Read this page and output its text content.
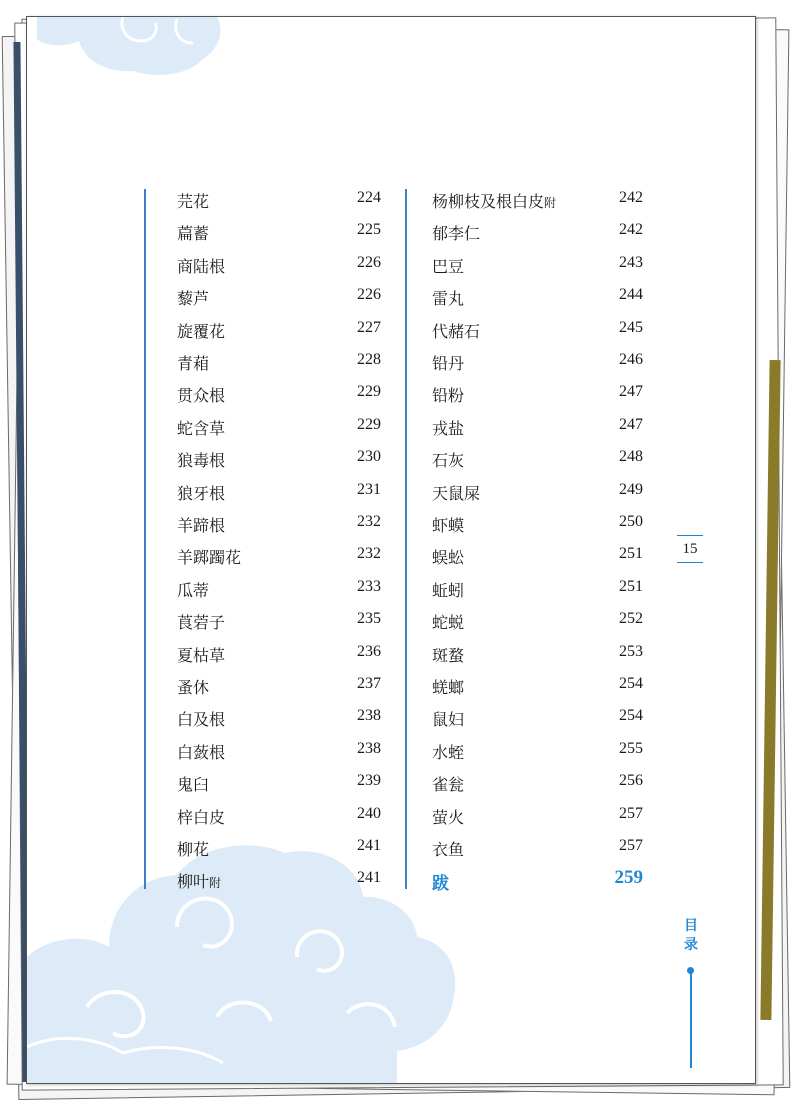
芫花	224
萹蓄	225
商陆根	226
藜芦	226
旋覆花	227
青葙	228
贯众根	229
蛇含草	229
狼毒根	230
狼牙根	231
羊蹄根	232
羊踯躅花	232
瓜蒂	233
莨菪子	235
夏枯草	236
蚤休	237
白及根	238
白蔹根	238
鬼臼	239
梓白皮	240
柳花	241
柳叶附	241
杨柳枝及根白皮附	242
郁李仁	242
巴豆	243
雷丸	244
代赭石	245
铅丹	246
铅粉	247
戎盐	247
石灰	248
天鼠屎	249
虾蟆	250
蜈蚣	251
蚯蚓	251
蛇蜕	252
斑蝥	253
蜣螂	254
鼠妇	254
水蛭	255
雀瓮	256
萤火	257
衣鱼	257
跋	259
15
目
录
